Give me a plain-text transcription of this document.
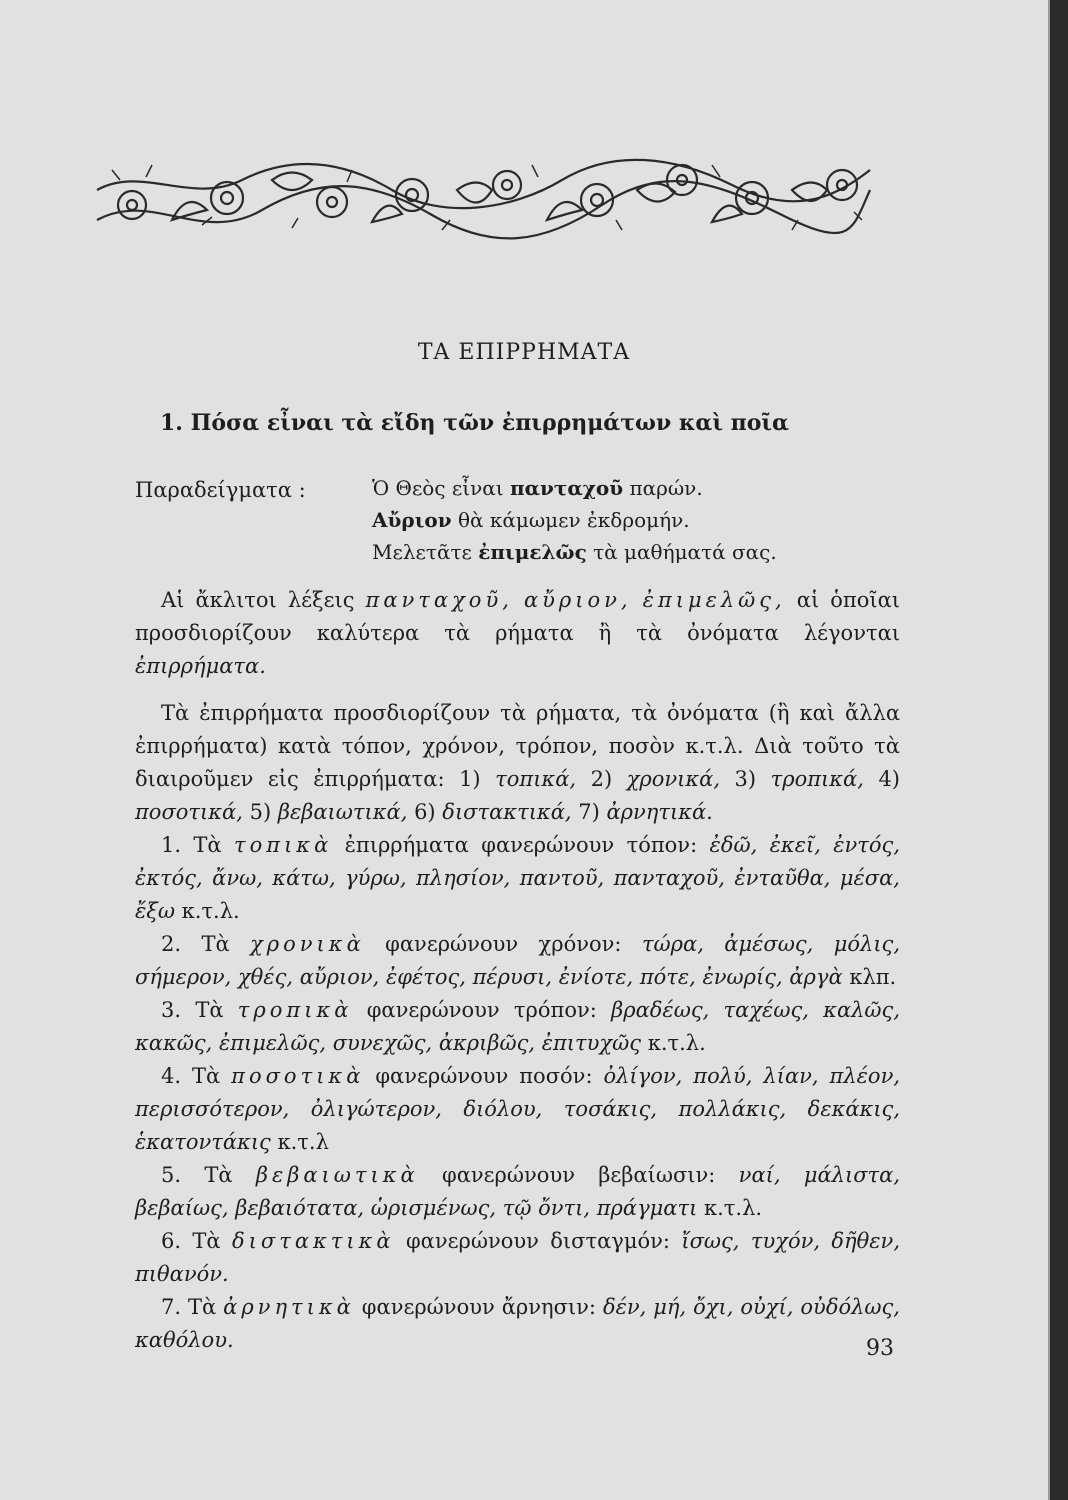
ΤΑ ΕΠΙΡΡΗΜΑΤΑ
1. Πόσα εἶναι τὰ εἴδη τῶν ἐπιρρημάτων καὶ ποῖα
Παραδείγματα :	Ὁ Θεὸς εἶναι πανταχοῦ παρών.
Αὔριον θὰ κάμωμεν ἐκδρομήν.
Μελετᾶτε ἐπιμελῶς τὰ μαθήματά σας.

Αἱ ἄκλιτοι λέξεις πανταχοῦ, αὔριον, ἐπιμελῶς, αἱ ὁποῖαι προσδιορίζουν καλύτερα τὰ ρήματα ἢ τὰ ὀνόματα λέγονται ἐπιρρήματα.

Τὰ ἐπιρρήματα προσδιορίζουν τὰ ρήματα, τὰ ὀνόματα (ἢ καὶ ἄλλα ἐπιρρήματα) κατὰ τόπον, χρόνον, τρόπον, ποσὸν κ.τ.λ. Διὰ τοῦτο τὰ διαιροῦμεν εἰς ἐπιρρήματα: 1) τοπικά, 2) χρονικά, 3) τροπικά, 4) ποσοτικά, 5) βεβαιωτικά, 6) διστακτικά, 7) ἀρνητικά.

1. Τὰ τοπικὰ ἐπιρρήματα φανερώνουν τόπον: ἐδῶ, ἐκεῖ, ἐντός, ἐκτός, ἄνω, κάτω, γύρω, πλησίον, παντοῦ, πανταχοῦ, ἐνταῦθα, μέσα, ἔξω κ.τ.λ.

2. Τὰ χρονικὰ φανερώνουν χρόνον: τώρα, ἀμέσως, μόλις, σήμερον, χθές, αὔριον, ἐφέτος, πέρυσι, ἐνίοτε, πότε, ἐνωρίς, ἀργὰ κλπ.

3. Τὰ τροπικὰ φανερώνουν τρόπον: βραδέως, ταχέως, καλῶς, κακῶς, ἐπιμελῶς, συνεχῶς, ἀκριβῶς, ἐπιτυχῶς κ.τ.λ.

4. Τὰ ποσοτικὰ φανερώνουν ποσόν: ὀλίγον, πολύ, λίαν, πλέον, περισσότερον, ὀλιγώτερον, διόλου, τοσάκις, πολλάκις, δεκάκις, ἑκατοντάκις κ.τ.λ

5. Τὰ βεβαιωτικὰ φανερώνουν βεβαίωσιν: ναί, μάλιστα, βεβαίως, βεβαιότατα, ὡρισμένως, τῷ ὄντι, πράγματι κ.τ.λ.

6. Τὰ διστακτικὰ φανερώνουν δισταγμόν: ἴσως, τυχόν, δῆθεν, πιθανόν.

7. Τὰ ἀρνητικὰ φανερώνουν ἄρνησιν: δέν, μή, ὄχι, οὐχί, οὐδόλως, καθόλου.	93
